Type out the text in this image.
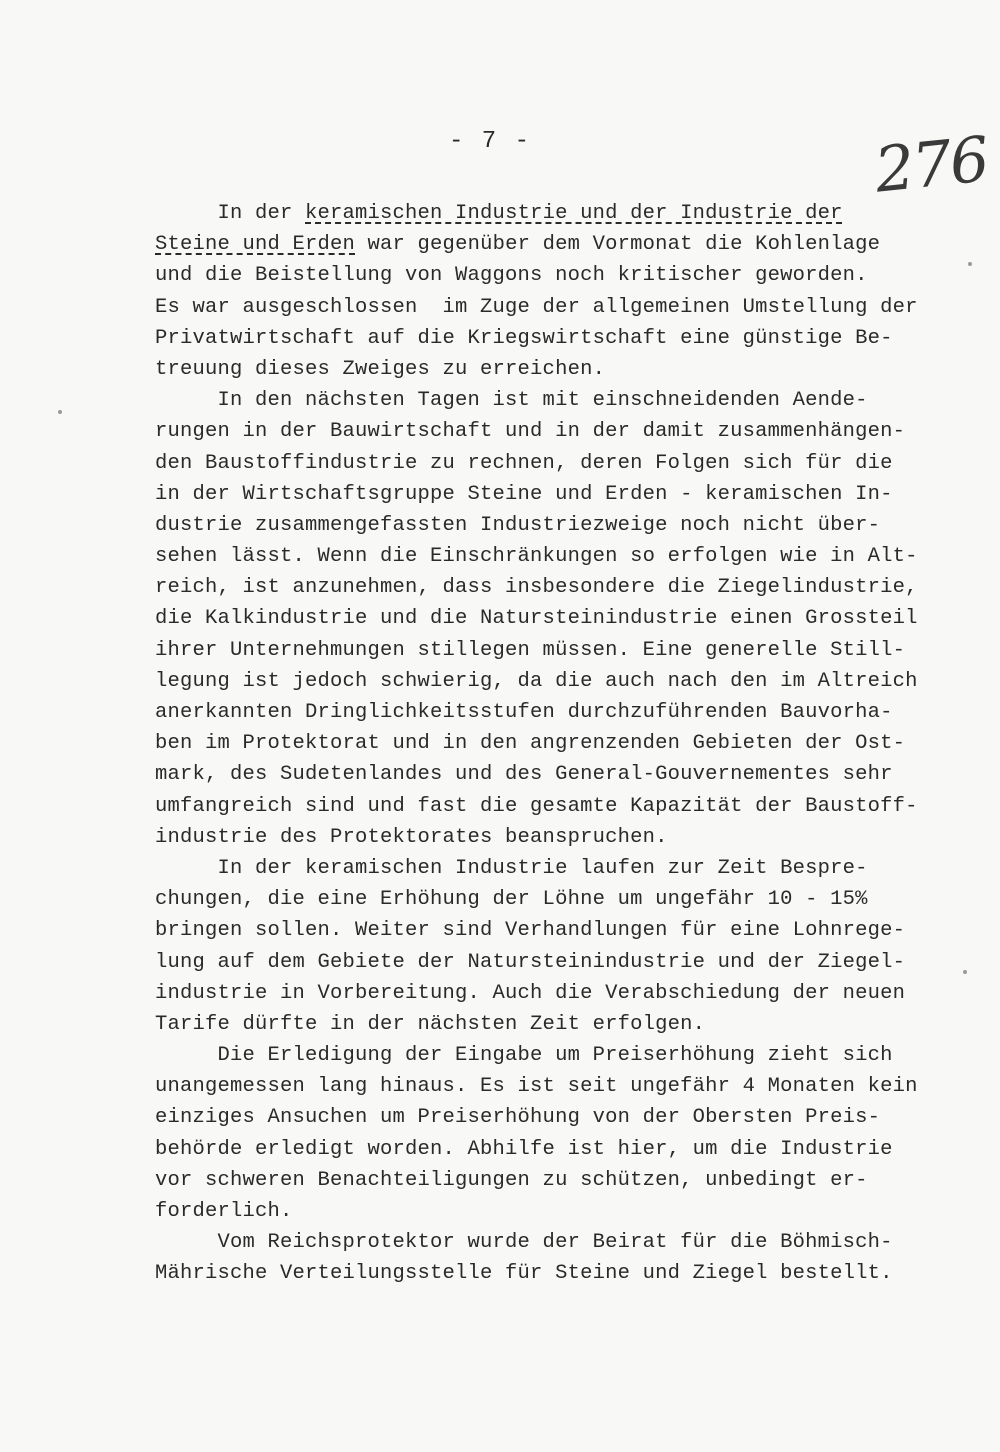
- 7 -	276
In der keramischen Industrie und der Industrie der
Steine und Erden war gegenüber dem Vormonat die Kohlenlage
und die Beistellung von Waggons noch kritischer geworden.
Es war ausgeschlossen  im Zuge der allgemeinen Umstellung der
Privatwirtschaft auf die Kriegswirtschaft eine günstige Be-
treuung dieses Zweiges zu erreichen.
In den nächsten Tagen ist mit einschneidenden Aende-
rungen in der Bauwirtschaft und in der damit zusammenhängen-
den Baustoffindustrie zu rechnen, deren Folgen sich für die
in der Wirtschaftsgruppe Steine und Erden - keramischen In-
dustrie zusammengefassten Industriezweige noch nicht über-
sehen lässt. Wenn die Einschränkungen so erfolgen wie in Alt-
reich, ist anzunehmen, dass insbesondere die Ziegelindustrie,
die Kalkindustrie und die Natursteinindustrie einen Grossteil
ihrer Unternehmungen stillegen müssen. Eine generelle Still-
legung ist jedoch schwierig, da die auch nach den im Altreich
anerkannten Dringlichkeitsstufen durchzuführenden Bauvorha-
ben im Protektorat und in den angrenzenden Gebieten der Ost-
mark, des Sudetenlandes und des General-Gouvernementes sehr
umfangreich sind und fast die gesamte Kapazität der Baustoff-
industrie des Protektorates beanspruchen.
In der keramischen Industrie laufen zur Zeit Bespre-
chungen, die eine Erhöhung der Löhne um ungefähr 10 - 15%
bringen sollen. Weiter sind Verhandlungen für eine Lohnrege-
lung auf dem Gebiete der Natursteinindustrie und der Ziegel-
industrie in Vorbereitung. Auch die Verabschiedung der neuen
Tarife dürfte in der nächsten Zeit erfolgen.
Die Erledigung der Eingabe um Preiserhöhung zieht sich
unangemessen lang hinaus. Es ist seit ungefähr 4 Monaten kein
einziges Ansuchen um Preiserhöhung von der Obersten Preis-
behörde erledigt worden. Abhilfe ist hier, um die Industrie
vor schweren Benachteiligungen zu schützen, unbedingt er-
forderlich.
Vom Reichsprotektor wurde der Beirat für die Böhmisch-
Mährische Verteilungsstelle für Steine und Ziegel bestellt.
